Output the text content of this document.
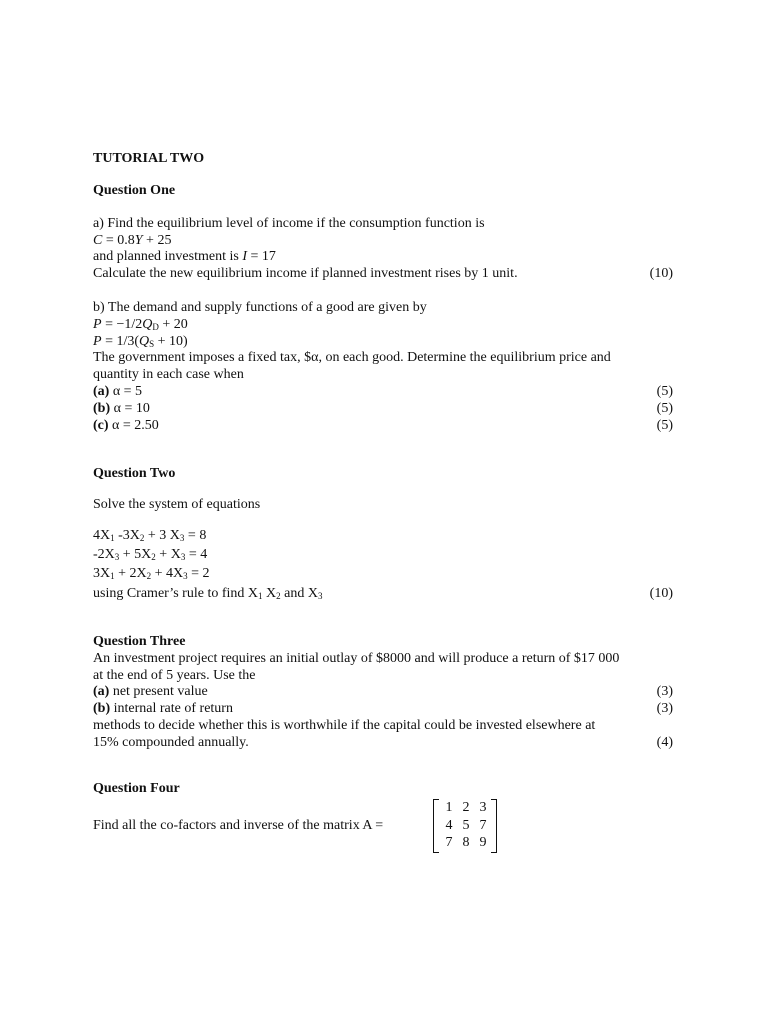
TUTORIAL TWO
Question One
a) Find the equilibrium level of income if the consumption function is
C = 0.8Y + 25
and planned investment is I = 17
Calculate the new equilibrium income if planned investment rises by 1 unit.	(10)
b) The demand and supply functions of a good are given by
$P = -1/2Q_D + 20$
$P = 1/3(Q_S + 10)$
The government imposes a fixed tax, $α, on each good. Determine the equilibrium price and
quantity in each case when
(a) α = 5	(5)
(b) α = 10	(5)
(c) α = 2.50	(5)
Question Two
Solve the system of equations
$4X_1$ $-3X_2 + 3$ $X_3 = 8$
$-2X_3 + 5X_2 + X_3 = 4$
$3X_1 + 2X_2 + 4X_3 = 2$
using Cramer’s rule to find $X_1$ $X_2$ and $X_3$	(10)
Question Three
An investment project requires an initial outlay of $8000 and will produce a return of $17 000
at the end of 5 years. Use the
(a) net present value	(3)
(b) internal rate of return	(3)
methods to decide whether this is worthwhile if the capital could be invested elsewhere at
15% compounded annually.	(4)
Question Four
Find all the co-factors and inverse of the matrix A =
1 2 3
4 5 7
7 8 9
